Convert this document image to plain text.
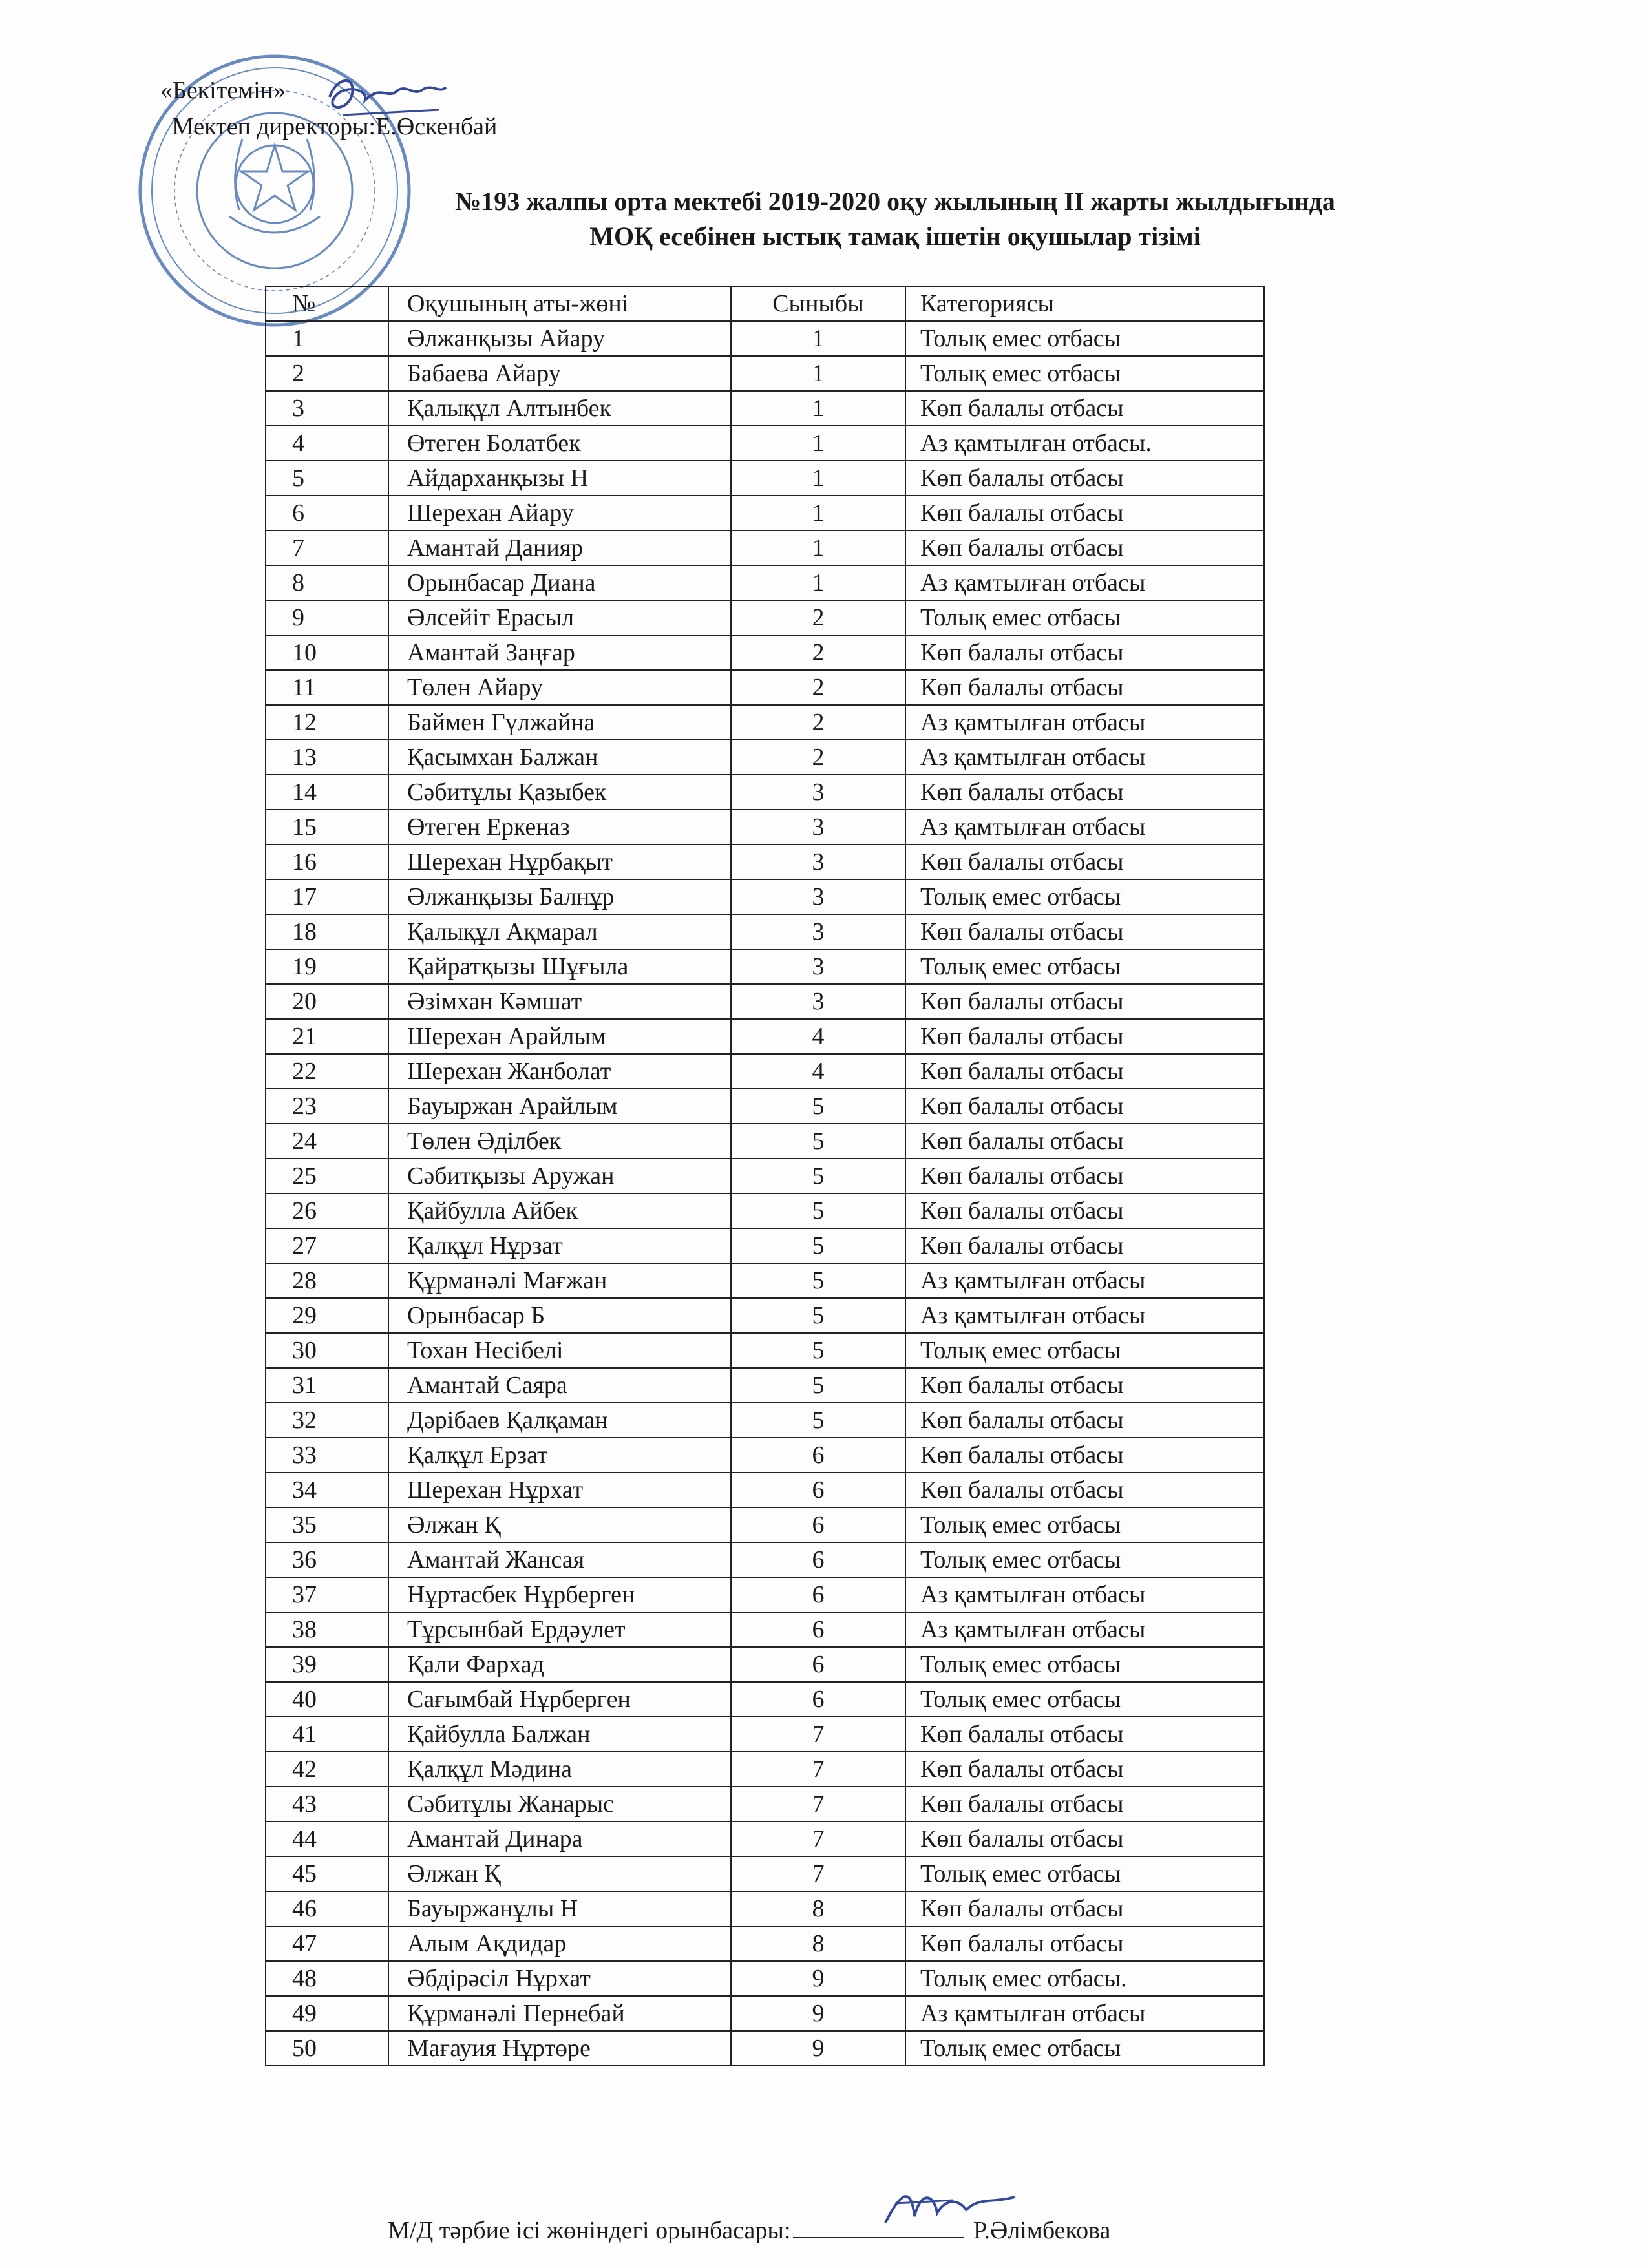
«Бекітемін»
Мектеп директоры:Е.Өскенбай
№193 жалпы орта мектебі 2019-2020 оқу жылының ІІ жарты жылдығында
МОҚ есебінен ыстық тамақ ішетін оқушылар тізімі
№	Оқушының аты-жөні	Сыныбы	Категориясы
1	Әлжанқызы Айару	1	Толық емес отбасы
2	Бабаева Айару	1	Толық емес отбасы
3	Қалықұл Алтынбек	1	Көп балалы отбасы
4	Өтеген Болатбек	1	Аз қамтылған отбасы.
5	Айдарханқызы Н	1	Көп балалы отбасы
6	Шерехан Айару	1	Көп балалы отбасы
7	Амантай Данияр	1	Көп балалы отбасы
8	Орынбасар Диана	1	Аз қамтылған отбасы
9	Әлсейіт Ерасыл	2	Толық емес отбасы
10	Амантай Заңғар	2	Көп балалы отбасы
11	Төлен Айару	2	Көп балалы отбасы
12	Баймен Гүлжайна	2	Аз қамтылған отбасы
13	Қасымхан Балжан	2	Аз қамтылған отбасы
14	Сәбитұлы Қазыбек	3	Көп балалы отбасы
15	Өтеген Еркеназ	3	Аз қамтылған отбасы
16	Шерехан Нұрбақыт	3	Көп балалы отбасы
17	Әлжанқызы Балнұр	3	Толық емес отбасы
18	Қалықұл Ақмарал	3	Көп балалы отбасы
19	Қайратқызы Шұғыла	3	Толық емес отбасы
20	Әзімхан Кәмшат	3	Көп балалы отбасы
21	Шерехан Арайлым	4	Көп балалы отбасы
22	Шерехан Жанболат	4	Көп балалы отбасы
23	Бауыржан Арайлым	5	Көп балалы отбасы
24	Төлен Әділбек	5	Көп балалы отбасы
25	Сәбитқызы Аружан	5	Көп балалы отбасы
26	Қайбулла Айбек	5	Көп балалы отбасы
27	Қалқұл Нұрзат	5	Көп балалы отбасы
28	Құрманәлі Мағжан	5	Аз қамтылған отбасы
29	Орынбасар Б	5	Аз қамтылған отбасы
30	Тохан Несібелі	5	Толық емес отбасы
31	Амантай Саяра	5	Көп балалы отбасы
32	Дәрібаев Қалқаман	5	Көп балалы отбасы
33	Қалқұл Ерзат	6	Көп балалы отбасы
34	Шерехан Нұрхат	6	Көп балалы отбасы
35	Әлжан Қ	6	Толық емес отбасы
36	Амантай Жансая	6	Толық емес отбасы
37	Нұртасбек Нұрберген	6	Аз қамтылған отбасы
38	Тұрсынбай Ердәулет	6	Аз қамтылған отбасы
39	Қали Фархад	6	Толық емес отбасы
40	Сағымбай Нұрберген	6	Толық емес отбасы
41	Қайбулла Балжан	7	Көп балалы отбасы
42	Қалқұл Мәдина	7	Көп балалы отбасы
43	Сәбитұлы Жанарыс	7	Көп балалы отбасы
44	Амантай Динара	7	Көп балалы отбасы
45	Әлжан Қ	7	Толық емес отбасы
46	Бауыржанұлы Н	8	Көп балалы отбасы
47	Алым Ақдидар	8	Көп балалы отбасы
48	Әбдірәсіл Нұрхат	9	Толық емес отбасы.
49	Құрманәлі Пернебай	9	Аз қамтылған отбасы
50	Мағауия Нұртөре	9	Толық емес отбасы
М/Д тәрбие ісі жөніндегі орынбасары:	Р.Әлімбекова
